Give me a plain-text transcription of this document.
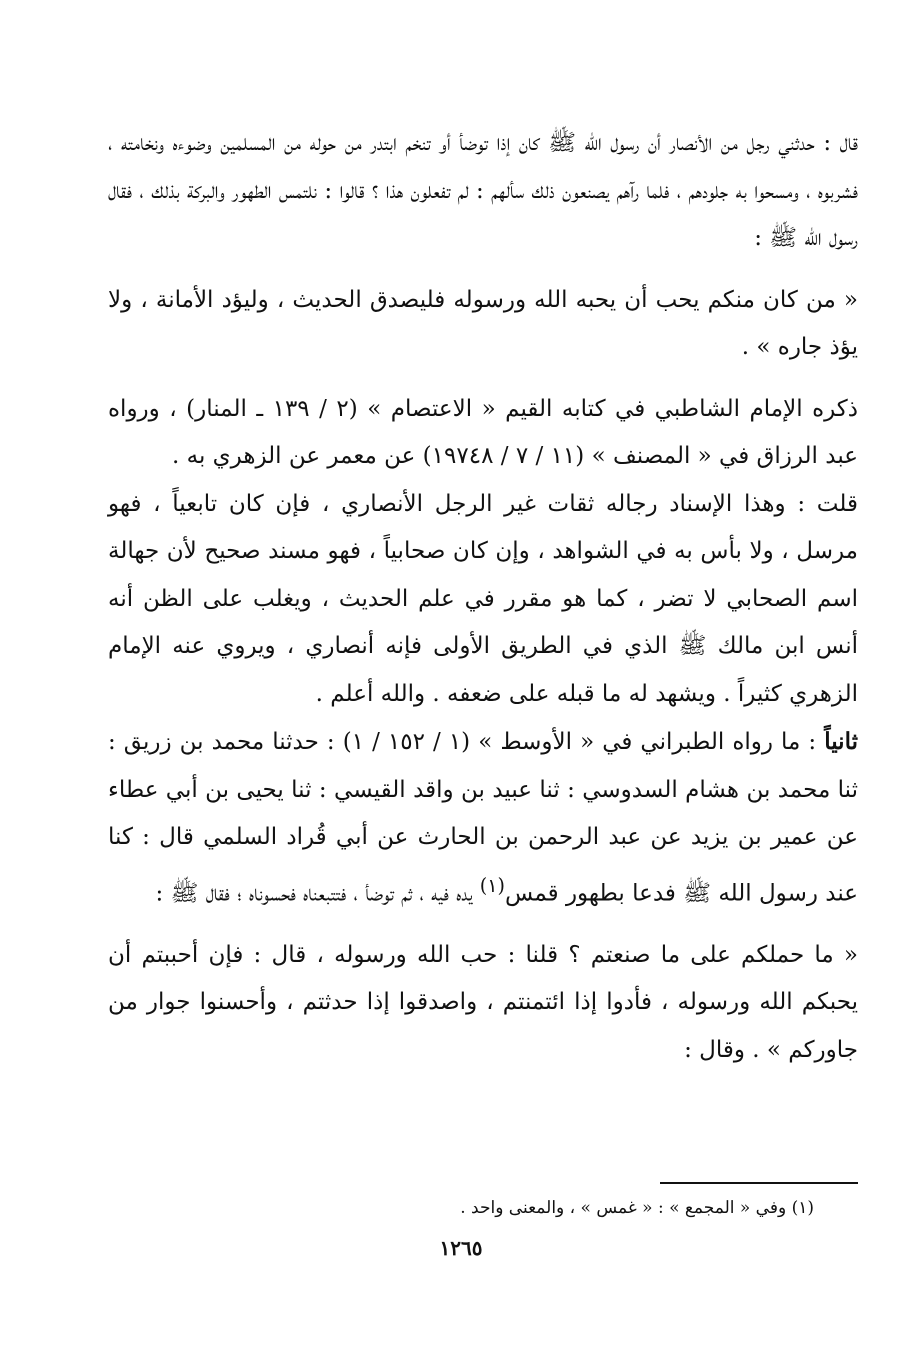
قال : حدثني رجل من الأنصار أن رسول الله ﷺ كان إذا توضأ أو تنخم ابتدر من حوله من المسلمين وضوءه ونخامته ، فشربوه ، ومسحوا به جلودهم ، فلما رآهم يصنعون ذلك سألهم : لم تفعلون هذا ؟ قالوا : نلتمس الطهور والبركة بذلك ، فقال رسول الله ﷺ :

« من كان منكم يحب أن يحبه الله ورسوله فليصدق الحديث ، وليؤد الأمانة ، ولا يؤذ جاره » .

ذكره الإمام الشاطبي في كتابه القيم « الاعتصام » (٢ / ١٣٩ ـ المنار) ، ورواه عبد الرزاق في « المصنف » (١١ / ٧ / ١٩٧٤٨) عن معمر عن الزهري به .

قلت : وهذا الإسناد رجاله ثقات غير الرجل الأنصاري ، فإن كان تابعياً ، فهو مرسل ، ولا بأس به في الشواهد ، وإن كان صحابياً ، فهو مسند صحيح لأن جهالة اسم الصحابي لا تضر ، كما هو مقرر في علم الحديث ، ويغلب على الظن أنه أنس ابن مالك ﷺ الذي في الطريق الأولى فإنه أنصاري ، ويروي عنه الإمام الزهري كثيراً . ويشهد له ما قبله على ضعفه . والله أعلم .

ثانياً : ما رواه الطبراني في « الأوسط » (١ / ١٥٢ / ١) : حدثنا محمد بن زريق : ثنا محمد بن هشام السدوسي : ثنا عبيد بن واقد القيسي : ثنا يحيى بن أبي عطاء عن عمير بن يزيد عن عبد الرحمن بن الحارث عن أبي قُراد السلمي قال : كنا عند رسول الله ﷺ فدعا بطهور قمس$^{(١)}$ يده فيه ، ثم توضأ ، فتتبعناه فحسوناه ؛ فقال ﷺ :

« ما حملكم على ما صنعتم ؟ قلنا : حب الله ورسوله ، قال : فإن أحببتم أن يحبكم الله ورسوله ، فأدوا إذا ائتمنتم ، واصدقوا إذا حدثتم ، وأحسنوا جوار من جاوركم » . وقال :

(١) وفي « المجمع » : « غمس » ، والمعنى واحد .
١٢٦٥
